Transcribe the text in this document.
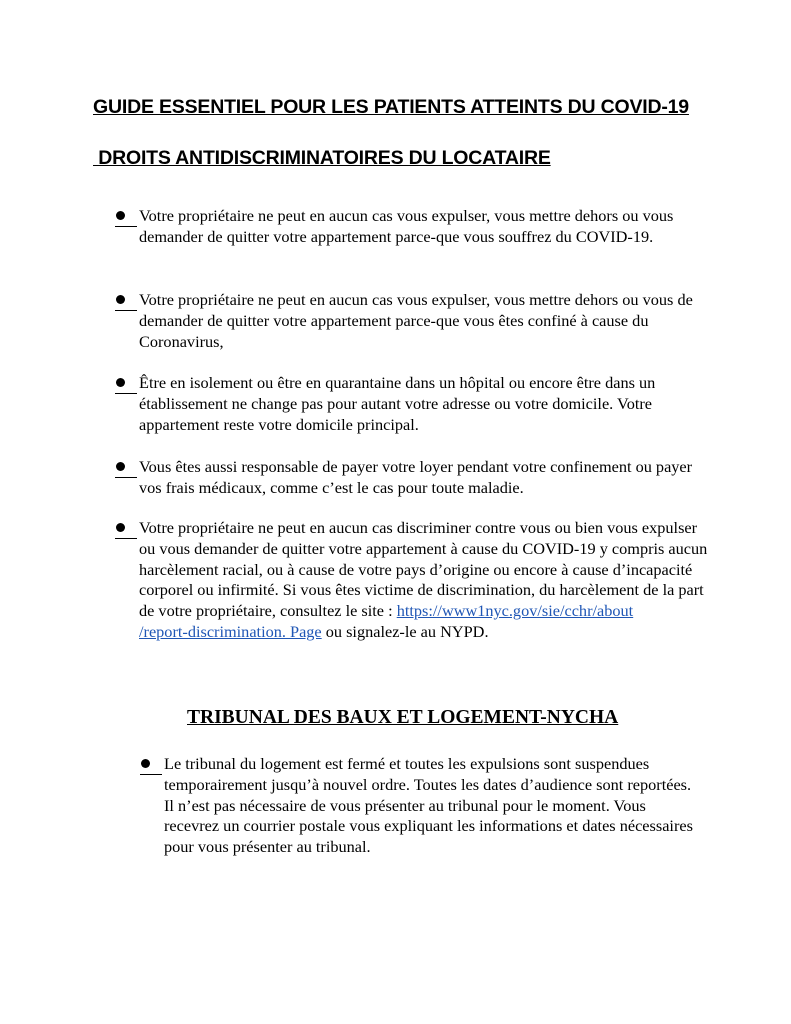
GUIDE ESSENTIEL POUR LES PATIENTS ATTEINTS DU COVID-19
DROITS ANTIDISCRIMINATOIRES DU LOCATAIRE
Votre propriétaire ne peut en aucun cas vous expulser, vous mettre dehors ou vous demander de quitter votre appartement parce-que vous souffrez du COVID-19.
Votre propriétaire ne peut en aucun cas vous expulser, vous mettre dehors ou vous de demander de quitter votre appartement parce-que vous êtes confiné à cause du Coronavirus,
Être en isolement ou être en quarantaine dans un hôpital ou encore être dans un établissement ne change pas pour autant votre adresse ou votre domicile. Votre appartement reste votre domicile principal.
Vous êtes aussi responsable de payer votre loyer pendant votre confinement ou payer vos frais médicaux, comme c’est le cas pour toute maladie.
Votre propriétaire ne peut en aucun cas discriminer contre vous ou bien vous expulser ou vous demander de quitter votre appartement à cause du COVID-19 y compris aucun harcèlement racial, ou à cause de votre pays d’origine ou encore à cause d’incapacité corporel ou infirmité. Si vous êtes victime de discrimination, du harcèlement de la part de votre propriétaire, consultez le site : https://www1nyc.gov/sie/cchr/about
/report-discrimination. Page ou signalez-le au NYPD.
TRIBUNAL DES BAUX ET LOGEMENT-NYCHA
Le tribunal du logement est fermé et toutes les expulsions sont suspendues temporairement jusqu’à nouvel ordre. Toutes les dates d’audience sont reportées. Il n’est pas nécessaire de vous présenter au tribunal pour le moment. Vous recevrez un courrier postale vous expliquant les informations et dates nécessaires pour vous présenter au tribunal.
